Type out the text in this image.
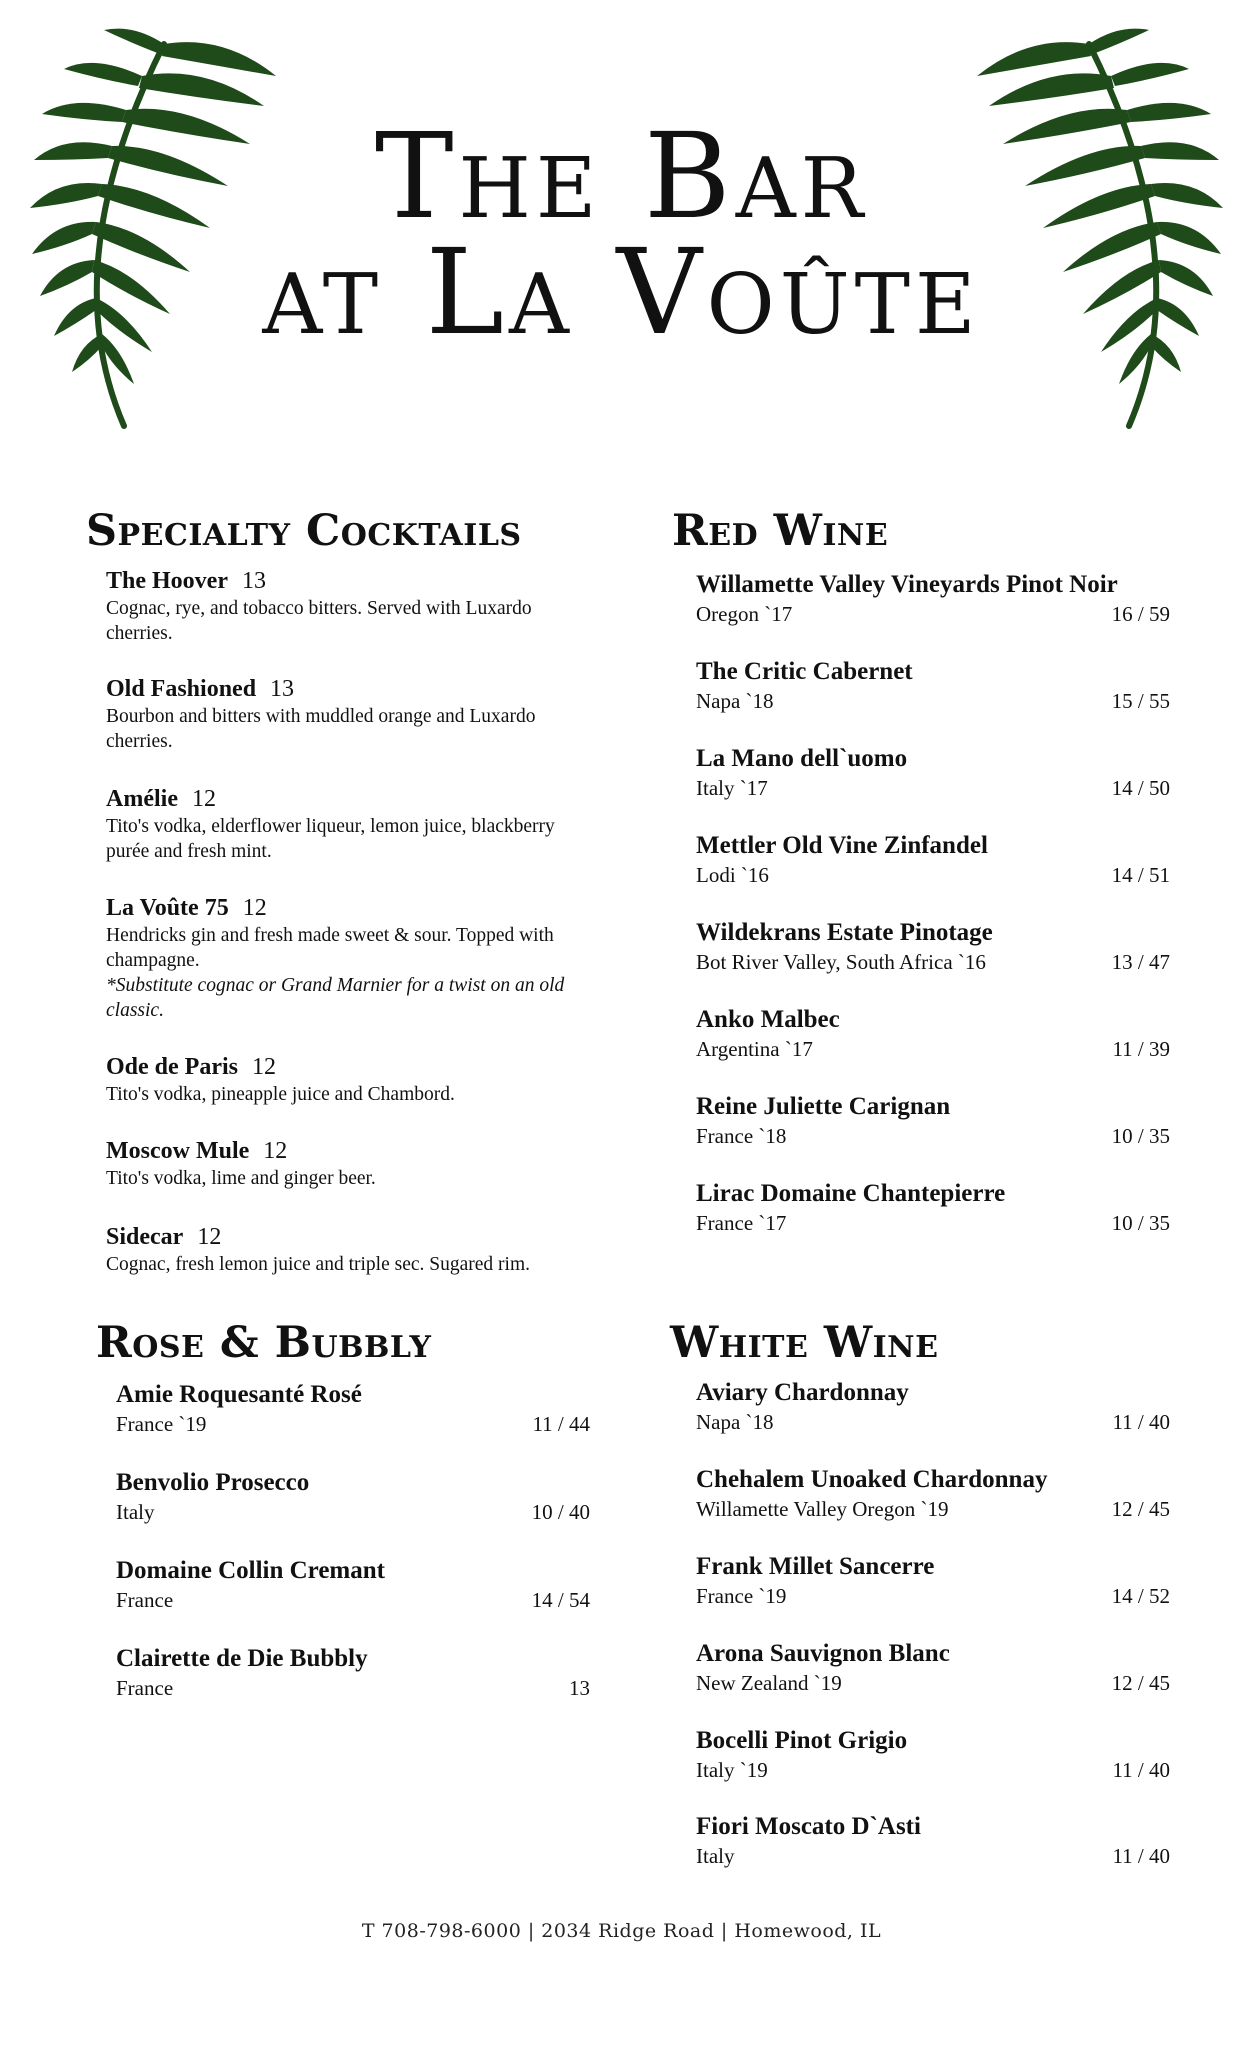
The Bar
at La Voûte
Specialty Cocktails	Red Wine
Rose & Bubbly	White Wine
The Hoover 13
Cognac, rye, and tobacco bitters. Served with Luxardo cherries.
Old Fashioned 13
Bourbon and bitters with muddled orange and Luxardo cherries.
Amélie 12
Tito's vodka, elderflower liqueur, lemon juice, blackberry purée and fresh mint.
La Voûte 75 12
Hendricks gin and fresh made sweet & sour. Topped with champagne.
*Substitute cognac or Grand Marnier for a twist on an old classic.
Ode de Paris 12
Tito's vodka, pineapple juice and Chambord.
Moscow Mule 12
Tito's vodka, lime and ginger beer.
Sidecar 12
Cognac, fresh lemon juice and triple sec. Sugared rim.
Willamette Valley Vineyards Pinot Noir
Oregon `17	16 / 59
The Critic Cabernet
Napa `18	15 / 55
La Mano dell`uomo
Italy `17	14 / 50
Mettler Old Vine Zinfandel
Lodi `16	14 / 51
Wildekrans Estate Pinotage
Bot River Valley, South Africa `16	13 / 47
Anko Malbec
Argentina `17	11 / 39
Reine Juliette Carignan
France `18	10 / 35
Lirac Domaine Chantepierre
France `17	10 / 35
Amie Roquesanté Rosé
France `19	11 / 44
Benvolio Prosecco
Italy	10 / 40
Domaine Collin Cremant
France	14 / 54
Clairette de Die Bubbly
France	13
Aviary Chardonnay
Napa `18	11 / 40
Chehalem Unoaked Chardonnay
Willamette Valley Oregon `19	12 / 45
Frank Millet Sancerre
France `19	14 / 52
Arona Sauvignon Blanc
New Zealand `19	12 / 45
Bocelli Pinot Grigio
Italy `19	11 / 40
Fiori Moscato D`Asti
Italy	11 / 40
T 708-798-6000 | 2034 Ridge Road | Homewood, IL
